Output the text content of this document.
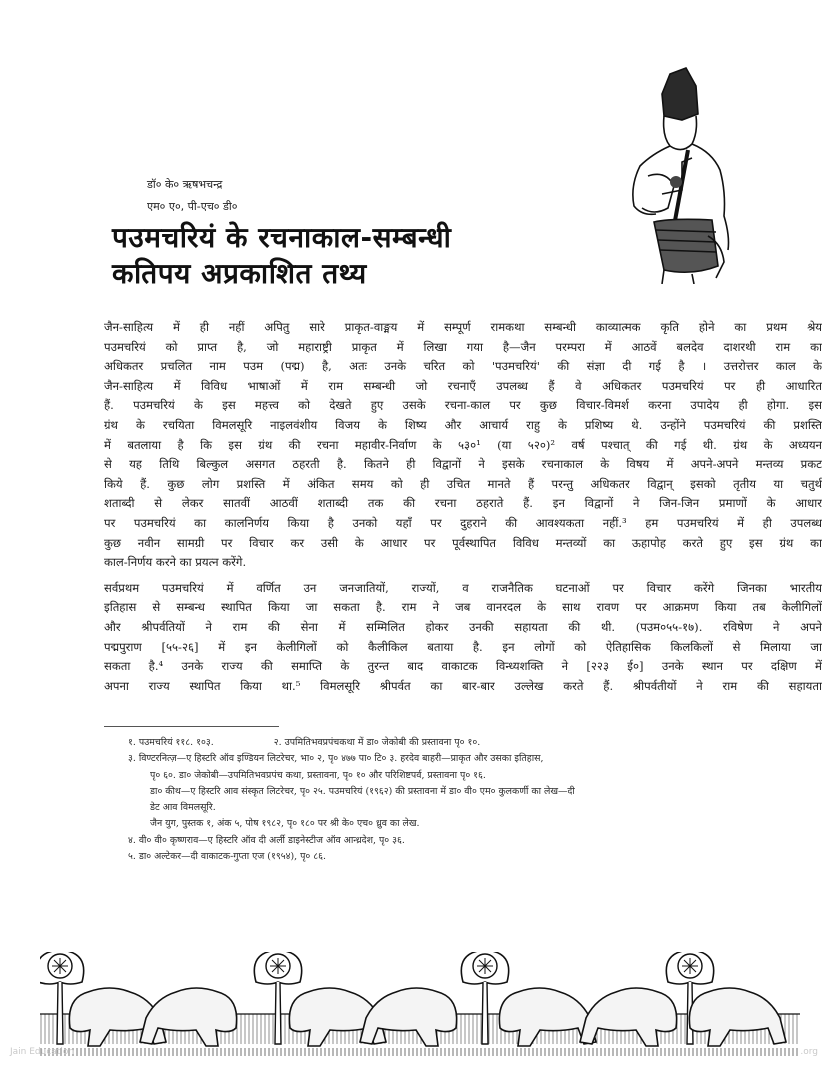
डॉ० के० ऋषभचन्द्र
एम० ए०, पी-एच० डी०
पउमचरियं के रचनाकाल-सम्बन्धी
कतिपय अप्रकाशित तथ्य

जैन-साहित्य में ही नहीं अपितु सारे प्राकृत-वाङ्मय में सम्पूर्ण रामकथा सम्बन्धी काव्यात्मक कृति होने का प्रथम श्रेय
पउमचरियं को प्राप्त है, जो महाराष्ट्री प्राकृत में लिखा गया है—जैन परम्परा में आठवें बलदेव दाशरथी राम का
अधिकतर प्रचलित नाम पउम (पद्म) है, अतः उनके चरित को 'पउमचरियं' की संज्ञा दी गई है । उत्तरोत्तर काल के
जैन-साहित्य में विविध भाषाओं में राम सम्बन्धी जो रचनाएँ उपलब्ध हैं वे अधिकतर पउमचरियं पर ही आधारित
हैं. पउमचरियं के इस महत्त्व को देखते हुए उसके रचना-काल पर कुछ विचार-विमर्श करना उपादेय ही होगा. इस
ग्रंथ के रचयिता विमलसूरि नाइलवंशीय विजय के शिष्य और आचार्य राहु के प्रशिष्य थे. उन्होंने पउमचरियं की प्रशस्ति
में बतलाया है कि इस ग्रंथ की रचना महावीर-निर्वाण के ५३०¹ (या ५२०)² वर्ष पश्चात् की गई थी. ग्रंथ के अध्ययन
से यह तिथि बिल्कुल असगत ठहरती है. कितने ही विद्वानों ने इसके रचनाकाल के विषय में अपने-अपने मन्तव्य प्रकट
किये हैं. कुछ लोग प्रशस्ति में अंकित समय को ही उचित मानते हैं परन्तु अधिकतर विद्वान् इसको तृतीय या चतुर्थ
शताब्दी से लेकर सातवीं आठवीं शताब्दी तक की रचना ठहराते हैं. इन विद्वानों ने जिन-जिन प्रमाणों के आधार
पर पउमचरियं का कालनिर्णय किया है उनको यहाँ पर दुहराने की आवश्यकता नहीं.³ हम पउमचरियं में ही उपलब्ध
कुछ नवीन सामग्री पर विचार कर उसी के आधार पर पूर्वस्थापित विविध मन्तव्यों का ऊहापोह करते हुए इस ग्रंथ का
काल-निर्णय करने का प्रयत्न करेंगे.

सर्वप्रथम पउमचरियं में वर्णित उन जनजातियों, राज्यों, व राजनैतिक घटनाओं पर विचार करेंगे जिनका भारतीय
इतिहास से सम्बन्ध स्थापित किया जा सकता है. राम ने जब वानरदल के साथ रावण पर आक्रमण किया तब केलीगिलों
और श्रीपर्वतियों ने राम की सेना में सम्मिलित होकर उनकी सहायता की थी. (पउम०५५-१७). रविषेण ने अपने
पद्मपुराण [५५-२६] में इन केलीगिलों को कैलीकिल बताया है. इन लोगों को ऐतिहासिक किलकिलों से मिलाया जा
सकता है.⁴ उनके राज्य की समाप्ति के तुरन्त बाद वाकाटक विन्ध्यशक्ति ने [२२३ ई०] उनके स्थान पर दक्षिण में
अपना राज्य स्थापित किया था.⁵ विमलसूरि श्रीपर्वत का बार-बार उल्लेख करते हैं. श्रीपर्वतीयों ने राम की सहायता

१. पउमचरियं ११८. १०३.	२. उपमितिभवप्रपंचकथा में डा० जेकोबी की प्रस्तावना पृ० १०.
३. विण्टरनित्ज़—ए हिस्टरि ऑव इण्डियन लिटरेचर, भा० २, पृ० ४७७ पा० टि० ३. हरदेव बाहरी—प्राकृत और उसका इतिहास,
पृ० ६०. डा० जेकोबी—उपमितिभवप्रपंच कथा, प्रस्तावना, पृ० १० और परिशिष्टपर्व, प्रस्तावना पृ० १६.
डा० कीथ—ए हिस्टरि आव संस्कृत लिटरेचर, पृ० २५. पउमचरियं (१९६२) की प्रस्तावना में डा० वी० एम० कुलकर्णी का लेख—दी
डेट आव विमलसूरि.
जैन युग, पुस्तक १, अंक ५, पोष १९८२, पृ० १८० पर श्री के० एच० ध्रुव का लेख.
४. वी० वी० कृष्णराव—ए हिस्टरि ऑव दी अर्ली डाइनेस्टीज ऑव आन्ध्रदेश, पृ० ३६.
५. डा० अल्टेकर—दी वाकाटक-गुप्ता एज (१९५४), पृ० ८६.
Jain Education	.org
